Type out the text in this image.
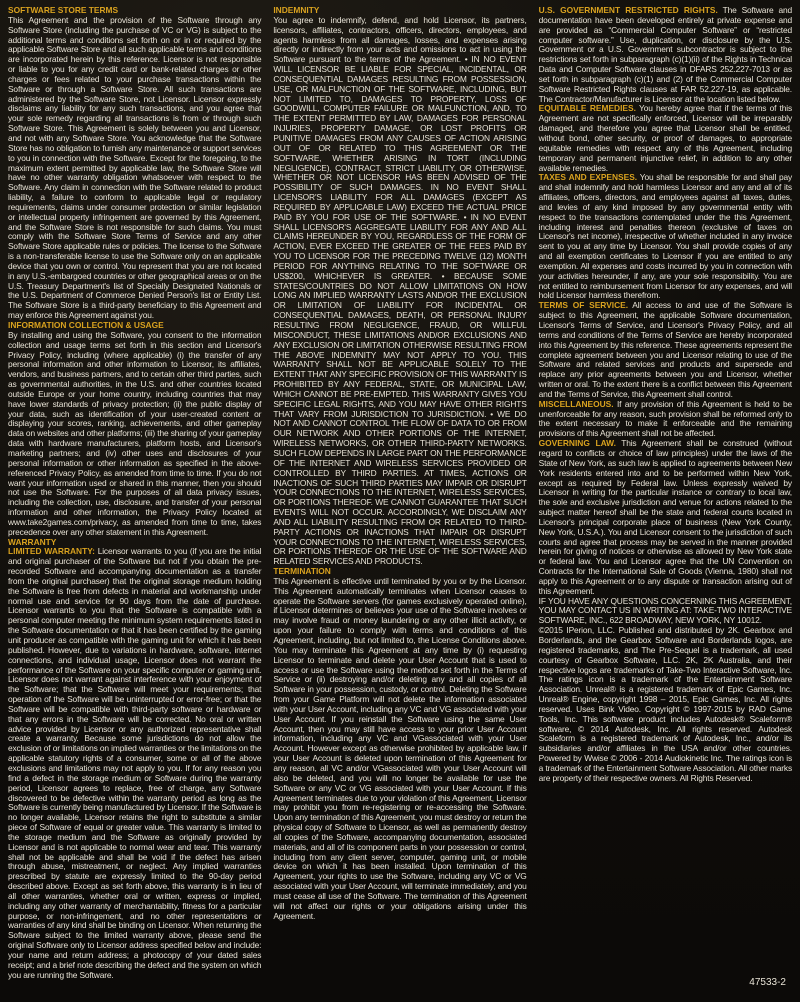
SOFTWARE STORE TERMS
This Agreement and the provision of the Software through any Software Store (including the purchase of VC or VG) is subject to the additional terms and conditions set forth on or in or required by the applicable Software Store and all such applicable terms and conditions are incorporated herein by this reference. Licensor is not responsible or liable to you for any credit card or bank-related charges or other charges or fees related to your purchase transactions within the Software or through a Software Store. All such transactions are administered by the Software Store, not Licensor. Licensor expressly disclaims any liability for any such transactions, and you agree that your sole remedy regarding all transactions is from or through such Software Store. This Agreement is solely between you and Licensor, and not with any Software Store. You acknowledge that the Software Store has no obligation to furnish any maintenance or support services to you in connection with the Software. Except for the foregoing, to the maximum extent permitted by applicable law, the Software Store will have no other warranty obligation whatsoever with respect to the Software. Any claim in connection with the Software related to product liability, a failure to conform to applicable legal or regulatory requirements, claims under consumer protection or similar legislation or intellectual property infringement are governed by this Agreement, and the Software Store is not responsible for such claims. You must comply with the Software Store Terms of Service and any other Software Store applicable rules or policies. The license to the Software is a non-transferable license to use the Software only on an applicable device that you own or control. You represent that you are not located in any U.S.-embargoed countries or other geographical areas or on the U.S. Treasury Department's list of Specially Designated Nationals or the U.S. Department of Commerce Denied Person's list or Entity List. The Software Store is a third-party beneficiary to this Agreement and may enforce this Agreement against you.

INFORMATION COLLECTION & USAGE
By installing and using the Software, you consent to the information collection and usage terms set forth in this section and Licensor's Privacy Policy, including (where applicable) (i) the transfer of any personal information and other information to Licensor, its affiliates, vendors, and business partners, and to certain other third parties, such as governmental authorities, in the U.S. and other countries located outside Europe or your home country, including countries that may have lower standards of privacy protection; (ii) the public display of your data, such as identification of your user-created content or displaying your scores, ranking, achievements, and other gameplay data on websites and other platforms; (iii) the sharing of your gameplay data with hardware manufacturers, platform hosts, and Licensor's marketing partners; and (iv) other uses and disclosures of your personal information or other information as specified in the above-referenced Privacy Policy, as amended from time to time. If you do not want your information used or shared in this manner, then you should not use the Software. For the purposes of all data privacy issues, including the collection, use, disclosure, and transfer of your personal information and other information, the Privacy Policy located at www.take2games.com/privacy, as amended from time to time, takes precedence over any other statement in this Agreement.

WARRANTY
LIMITED WARRANTY: Licensor warrants to you (if you are the initial and original purchaser of the Software but not if you obtain the pre-recorded Software and accompanying documentation as a transfer from the original purchaser) that the original storage medium holding the Software is free from defects in material and workmanship under normal use and service for 90 days from the date of purchase. Licensor warrants to you that the Software is compatible with a personal computer meeting the minimum system requirements listed in the Software documentation or that it has been certified by the gaming unit producer as compatible with the gaming unit for which it has been published. However, due to variations in hardware, software, internet connections, and individual usage, Licensor does not warrant the performance of the Software on your specific computer or gaming unit. Licensor does not warrant against interference with your enjoyment of the Software; that the Software will meet your requirements; that operation of the Software will be uninterrupted or error-free; or that the Software will be compatible with third-party software or hardware or that any errors in the Software will be corrected. No oral or written advice provided by Licensor or any authorized representative shall create a warranty. Because some jurisdictions do not allow the exclusion of or limitations on implied warranties or the limitations on the applicable statutory rights of a consumer, some or all of the above exclusions and limitations may not apply to you. If for any reason you find a defect in the storage medium or Software during the warranty period, Licensor agrees to replace, free of charge, any Software discovered to be defective within the warranty period as long as the Software is currently being manufactured by Licensor. If the Software is no longer available, Licensor retains the right to substitute a similar piece of Software of equal or greater value. This warranty is limited to the storage medium and the Software as originally provided by Licensor and is not applicable to normal wear and tear. This warranty shall not be applicable and shall be void if the defect has arisen through abuse, mistreatment, or neglect. Any implied warranties prescribed by statute are expressly limited to the 90-day period described above. Except as set forth above, this warranty is in lieu of all other warranties, whether oral or written, express or implied, including any other warranty of merchantability, fitness for a particular purpose, or non-infringement, and no other representations or warranties of any kind shall be binding on Licensor. When returning the Software subject to the limited warranty above, please send the original Software only to Licensor address specified below and include: your name and return address; a photocopy of your dated sales receipt; and a brief note describing the defect and the system on which you are running the Software.

INDEMNITY
You agree to indemnify, defend, and hold Licensor, its partners, licensors, affiliates, contractors, officers, directors, employees, and agents harmless from all damages, losses, and expenses arising directly or indirectly from your acts and omissions to act in using the Software pursuant to the terms of the Agreement. • IN NO EVENT WILL LICENSOR BE LIABLE FOR SPECIAL, INCIDENTAL, OR CONSEQUENTIAL DAMAGES RESULTING FROM POSSESSION, USE, OR MALFUNCTION OF THE SOFTWARE, INCLUDING, BUT NOT LIMITED TO, DAMAGES TO PROPERTY, LOSS OF GOODWILL, COMPUTER FAILURE OR MALFUNCTION, AND, TO THE EXTENT PERMITTED BY LAW, DAMAGES FOR PERSONAL INJURIES, PROPERTY DAMAGE, OR LOST PROFITS OR PUNITIVE DAMAGES FROM ANY CAUSES OF ACTION ARISING OUT OF OR RELATED TO THIS AGREEMENT OR THE SOFTWARE, WHETHER ARISING IN TORT (INCLUDING NEGLIGENCE), CONTRACT, STRICT LIABILITY, OR OTHERWISE, WHETHER OR NOT LICENSOR HAS BEEN ADVISED OF THE POSSIBILITY OF SUCH DAMAGES. IN NO EVENT SHALL LICENSOR'S LIABILITY FOR ALL DAMAGES (EXCEPT AS REQUIRED BY APPLICABLE LAW) EXCEED THE ACTUAL PRICE PAID BY YOU FOR USE OF THE SOFTWARE. • IN NO EVENT SHALL LICENSOR'S AGGREGATE LIABILITY FOR ANY AND ALL CLAIMS HEREUNDER BY YOU, REGARDLESS OF THE FORM OF ACTION, EVER EXCEED THE GREATER OF THE FEES PAID BY YOU TO LICENSOR FOR THE PRECEDING TWELVE (12) MONTH PERIOD FOR ANYTHING RELATING TO THE SOFTWARE OR US$200, WHICHEVER IS GREATER. • BECAUSE SOME STATES/COUNTRIES DO NOT ALLOW LIMITATIONS ON HOW LONG AN IMPLIED WARRANTY LASTS AND/OR THE EXCLUSION OR LIMITATION OF LIABILITY FOR INCIDENTAL OR CONSEQUENTIAL DAMAGES, DEATH, OR PERSONAL INJURY RESULTING FROM NEGLIGENCE, FRAUD, OR WILLFUL MISCONDUCT, THESE LIMITATIONS AND/OR EXCLUSIONS AND ANY EXCLUSION OR LIMITATION OTHERWISE RESULTING FROM THE ABOVE INDEMNITY MAY NOT APPLY TO YOU. THIS WARRANTY SHALL NOT BE APPLICABLE SOLELY TO THE EXTENT THAT ANY SPECIFIC PROVISION OF THIS WARRANTY IS PROHIBITED BY ANY FEDERAL, STATE, OR MUNICIPAL LAW, WHICH CANNOT BE PRE-EMPTED. THIS WARRANTY GIVES YOU SPECIFIC LEGAL RIGHTS, AND YOU MAY HAVE OTHER RIGHTS THAT VARY FROM JURISDICTION TO JURISDICTION. • WE DO NOT AND CANNOT CONTROL THE FLOW OF DATA TO OR FROM OUR NETWORK AND OTHER PORTIONS OF THE INTERNET, WIRELESS NETWORKS, OR OTHER THIRD-PARTY NETWORKS. SUCH FLOW DEPENDS IN LARGE PART ON THE PERFORMANCE OF THE INTERNET AND WIRELESS SERVICES PROVIDED OR CONTROLLED BY THIRD PARTIES. AT TIMES, ACTIONS OR INACTIONS OF SUCH THIRD PARTIES MAY IMPAIR OR DISRUPT YOUR CONNECTIONS TO THE INTERNET, WIRELESS SERVICES, OR PORTIONS THEREOF. WE CANNOT GUARANTEE THAT SUCH EVENTS WILL NOT OCCUR. ACCORDINGLY, WE DISCLAIM ANY AND ALL LIABILITY RESULTING FROM OR RELATED TO THIRD-PARTY ACTIONS OR INACTIONS THAT IMPAIR OR DISRUPT YOUR CONNECTIONS TO THE INTERNET, WIRELESS SERVICES, OR PORTIONS THEREOF OR THE USE OF THE SOFTWARE AND RELATED SERVICES AND PRODUCTS.

TERMINATION
This Agreement is effective until terminated by you or by the Licensor. This Agreement automatically terminates when Licensor ceases to operate the Software servers (for games exclusively operated online), if Licensor determines or believes your use of the Software involves or may involve fraud or money laundering or any other illicit activity, or upon your failure to comply with terms and conditions of this Agreement, including, but not limited to, the License Conditions above. You may terminate this Agreement at any time by (i) requesting Licensor to terminate and delete your User Account that is used to access or use the Software using the method set forth in the Terms of Service or (ii) destroying and/or deleting any and all copies of all Software in your possession, custody, or control. Deleting the Software from your Game Platform will not delete the information associated with your User Account, including any VC and VG associated with your User Account. If you reinstall the Software using the same User Account, then you may still have access to your prior User Account information, including any VC and VGassociated with your User Account. However except as otherwise prohibited by applicable law, if your User Account is deleted upon termination of this Agreement for any reason, all VC and/or VGassociated with your User Account will also be deleted, and you will no longer be available for use the Software or any VC or VG associated with your User Account. If this Agreement terminates due to your violation of this Agreement, Licensor may prohibit you from re-registering or re-accessing the Software. Upon any termination of this Agreement, you must destroy or return the physical copy of Software to Licensor, as well as permanently destroy all copies of the Software, accompanying documentation, associated materials, and all of its component parts in your possession or control, including from any client server, computer, gaming unit, or mobile device on which it has been installed. Upon termination of this Agreement, your rights to use the Software, including any VC or VG associated with your User Account, will terminate immediately, and you must cease all use of the Software. The termination of this Agreement will not affect our rights or your obligations arising under this Agreement.

U.S. GOVERNMENT RESTRICTED RIGHTS. The Software and documentation have been developed entirely at private expense and are provided as “Commercial Computer Software” or “restricted computer software.” Use, duplication, or disclosure by the U.S. Government or a U.S. Government subcontractor is subject to the restrictions set forth in subparagraph (c)(1)(ii) of the Rights in Technical Data and Computer Software clauses in DFARS 252.227-7013 or as set forth in subparagraph (c)(1) and (2) of the Commercial Computer Software Restricted Rights clauses at FAR 52.227-19, as applicable. The Contractor/Manufacturer is Licensor at the location listed below.

EQUITABLE REMEDIES. You hereby agree that if the terms of this Agreement are not specifically enforced, Licensor will be irreparably damaged, and therefore you agree that Licensor shall be entitled, without bond, other security, or proof of damages, to appropriate equitable remedies with respect any of this Agreement, including temporary and permanent injunctive relief, in addition to any other available remedies.

TAXES AND EXPENSES. You shall be responsible for and shall pay and shall indemnify and hold harmless Licensor and any and all of its affiliates, officers, directors, and employees against all taxes, duties, and levies of any kind imposed by any governmental entity with respect to the transactions contemplated under the this Agreement, including interest and penalties thereon (exclusive of taxes on Licensor's net income), irrespective of whether included in any invoice sent to you at any time by Licensor. You shall provide copies of any and all exemption certificates to Licensor if you are entitled to any exemption. All expenses and costs incurred by you in connection with your activities hereunder, if any, are your sole responsibility. You are not entitled to reimbursement from Licensor for any expenses, and will hold Licensor harmless therefrom.

TERMS OF SERVICE. All access to and use of the Software is subject to this Agreement, the applicable Software documentation, Licensor's Terms of Service, and Licensor's Privacy Policy, and all terms and conditions of the Terms of Service are hereby incorporated into this Agreement by this reference. These agreements represent the complete agreement between you and Licensor relating to use of the Software and related services and products and supersede and replace any prior agreements between you and Licensor, whether written or oral. To the extent there is a conflict between this Agreement and the Terms of Service, this Agreement shall control.

MISCELLANEOUS. If any provision of this Agreement is held to be unenforceable for any reason, such provision shall be reformed only to the extent necessary to make it enforceable and the remaining provisions of this Agreement shall not be affected.

GOVERNING LAW. This Agreement shall be construed (without regard to conflicts or choice of law principles) under the laws of the State of New York, as such law is applied to agreements between New York residents entered into and to be performed within New York, except as required by Federal law. Unless expressly waived by Licensor in writing for the particular instance or contrary to local law, the sole and exclusive jurisdiction and venue for actions related to the subject matter hereof shall be the state and federal courts located in Licensor's principal corporate place of business (New York County, New York, U.S.A.). You and Licensor consent to the jurisdiction of such courts and agree that process may be served in the manner provided herein for giving of notices or otherwise as allowed by New York state or federal law. You and Licensor agree that the UN Convention on Contracts for the International Sale of Goods (Vienna, 1980) shall not apply to this Agreement or to any dispute or transaction arising out of this Agreement.

IF YOU HAVE ANY QUESTIONS CONCERNING THIS AGREEMENT, YOU MAY CONTACT US IN WRITING AT: TAKE-TWO INTERACTIVE SOFTWARE, INC., 622 BROADWAY, NEW YORK, NY 10012.

©2015 IPerion, LLC. Published and distributed by 2K. Gearbox and Borderlands, and the Gearbox Software and Borderlands logos, are registered trademarks, and The Pre-Sequel is a trademark, all used courtesy of Gearbox Software, LLC. 2K, 2K Australia, and their respective logos are trademarks of Take-Two Interactive Software, Inc. The ratings icon is a trademark of the Entertainment Software Association. Unreal® is a registered trademark of Epic Games, Inc. Unreal® Engine, copyright 1998 – 2015, Epic Games, Inc. All rights reserved. Uses Bink Video. Copyright © 1997-2015 by RAD Game Tools, Inc. This software product includes Autodesk® Scaleform® software, © 2014 Autodesk, Inc. All rights reserved. Autodesk Scaleform is a registered trademark of Autodesk, Inc., and/or its subsidiaries and/or affiliates in the USA and/or other countries. Powered by Wwise © 2006 - 2014 Audiokinetic Inc. The ratings icon is a trademark of the Entertainment Software Association. All other marks are property of their respective owners. All Rights Reserved.

47533-2
